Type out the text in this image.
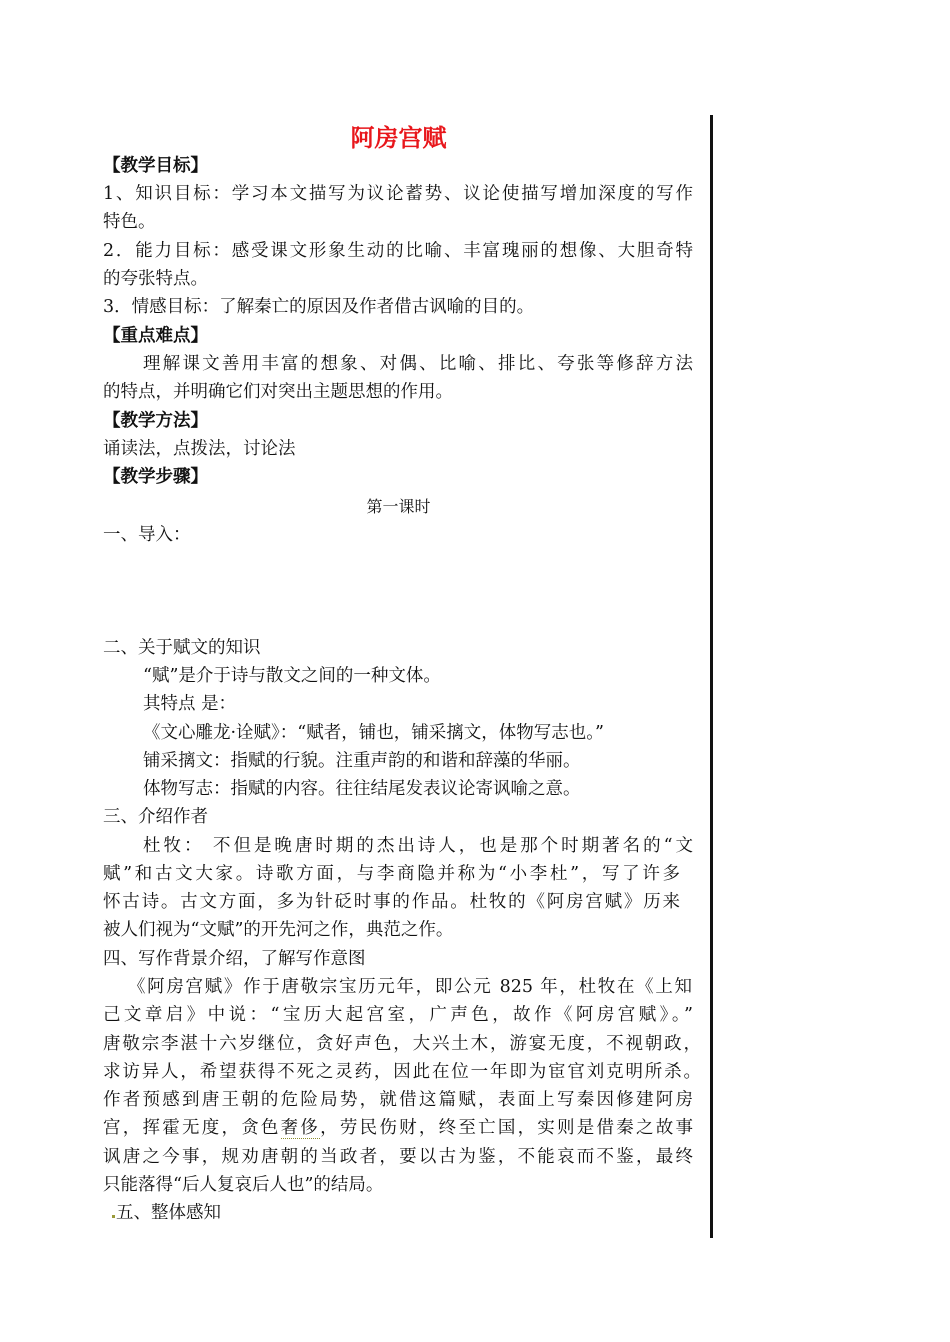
阿房宫赋
【教学目标】
1、知识目标：学习本文描写为议论蓄势、议论使描写增加深度的写作
特色。
2．能力目标：感受课文形象生动的比喻、丰富瑰丽的想像、大胆奇特
的夸张特点。
3．情感目标：了解秦亡的原因及作者借古讽喻的目的。
【重点难点】
理解课文善用丰富的想象、对偶、比喻、排比、夸张等修辞方法
的特点，并明确它们对突出主题思想的作用。
【教学方法】
诵读法，点拨法，讨论法
【教学步骤】
第一课时
一、导入：
二、关于赋文的知识
“赋”是介于诗与散文之间的一种文体。
其特点 是：
《文心雕龙·诠赋》：“赋者，铺也，铺采摛文，体物写志也。”
铺采摛文：指赋的行貌。注重声韵的和谐和辞藻的华丽。
体物写志：指赋的内容。往往结尾发表议论寄讽喻之意。
三、介绍作者
杜牧： 不但是晚唐时期的杰出诗人，也是那个时期著名的“文
赋”和古文大家。诗歌方面，与李商隐并称为“小李杜”，写了许多
怀古诗。古文方面，多为针砭时事的作品。杜牧的《阿房宫赋》历来
被人们视为“文赋”的开先河之作，典范之作。
四、写作背景介绍，了解写作意图
《阿房宫赋》作于唐敬宗宝历元年，即公元 825 年，杜牧在《上知
己文章启》中说：“宝历大起宫室，广声色，故作《阿房宫赋》。”
唐敬宗李湛十六岁继位，贪好声色，大兴土木，游宴无度，不视朝政，
求访异人，希望获得不死之灵药，因此在位一年即为宦官刘克明所杀。
作者预感到唐王朝的危险局势，就借这篇赋，表面上写秦因修建阿房
宫，挥霍无度，贪色奢侈，劳民伤财，终至亡国，实则是借秦之故事
讽唐之今事，规劝唐朝的当政者，要以古为鉴，不能哀而不鉴，最终
只能落得“后人复哀后人也”的结局。
五、整体感知
